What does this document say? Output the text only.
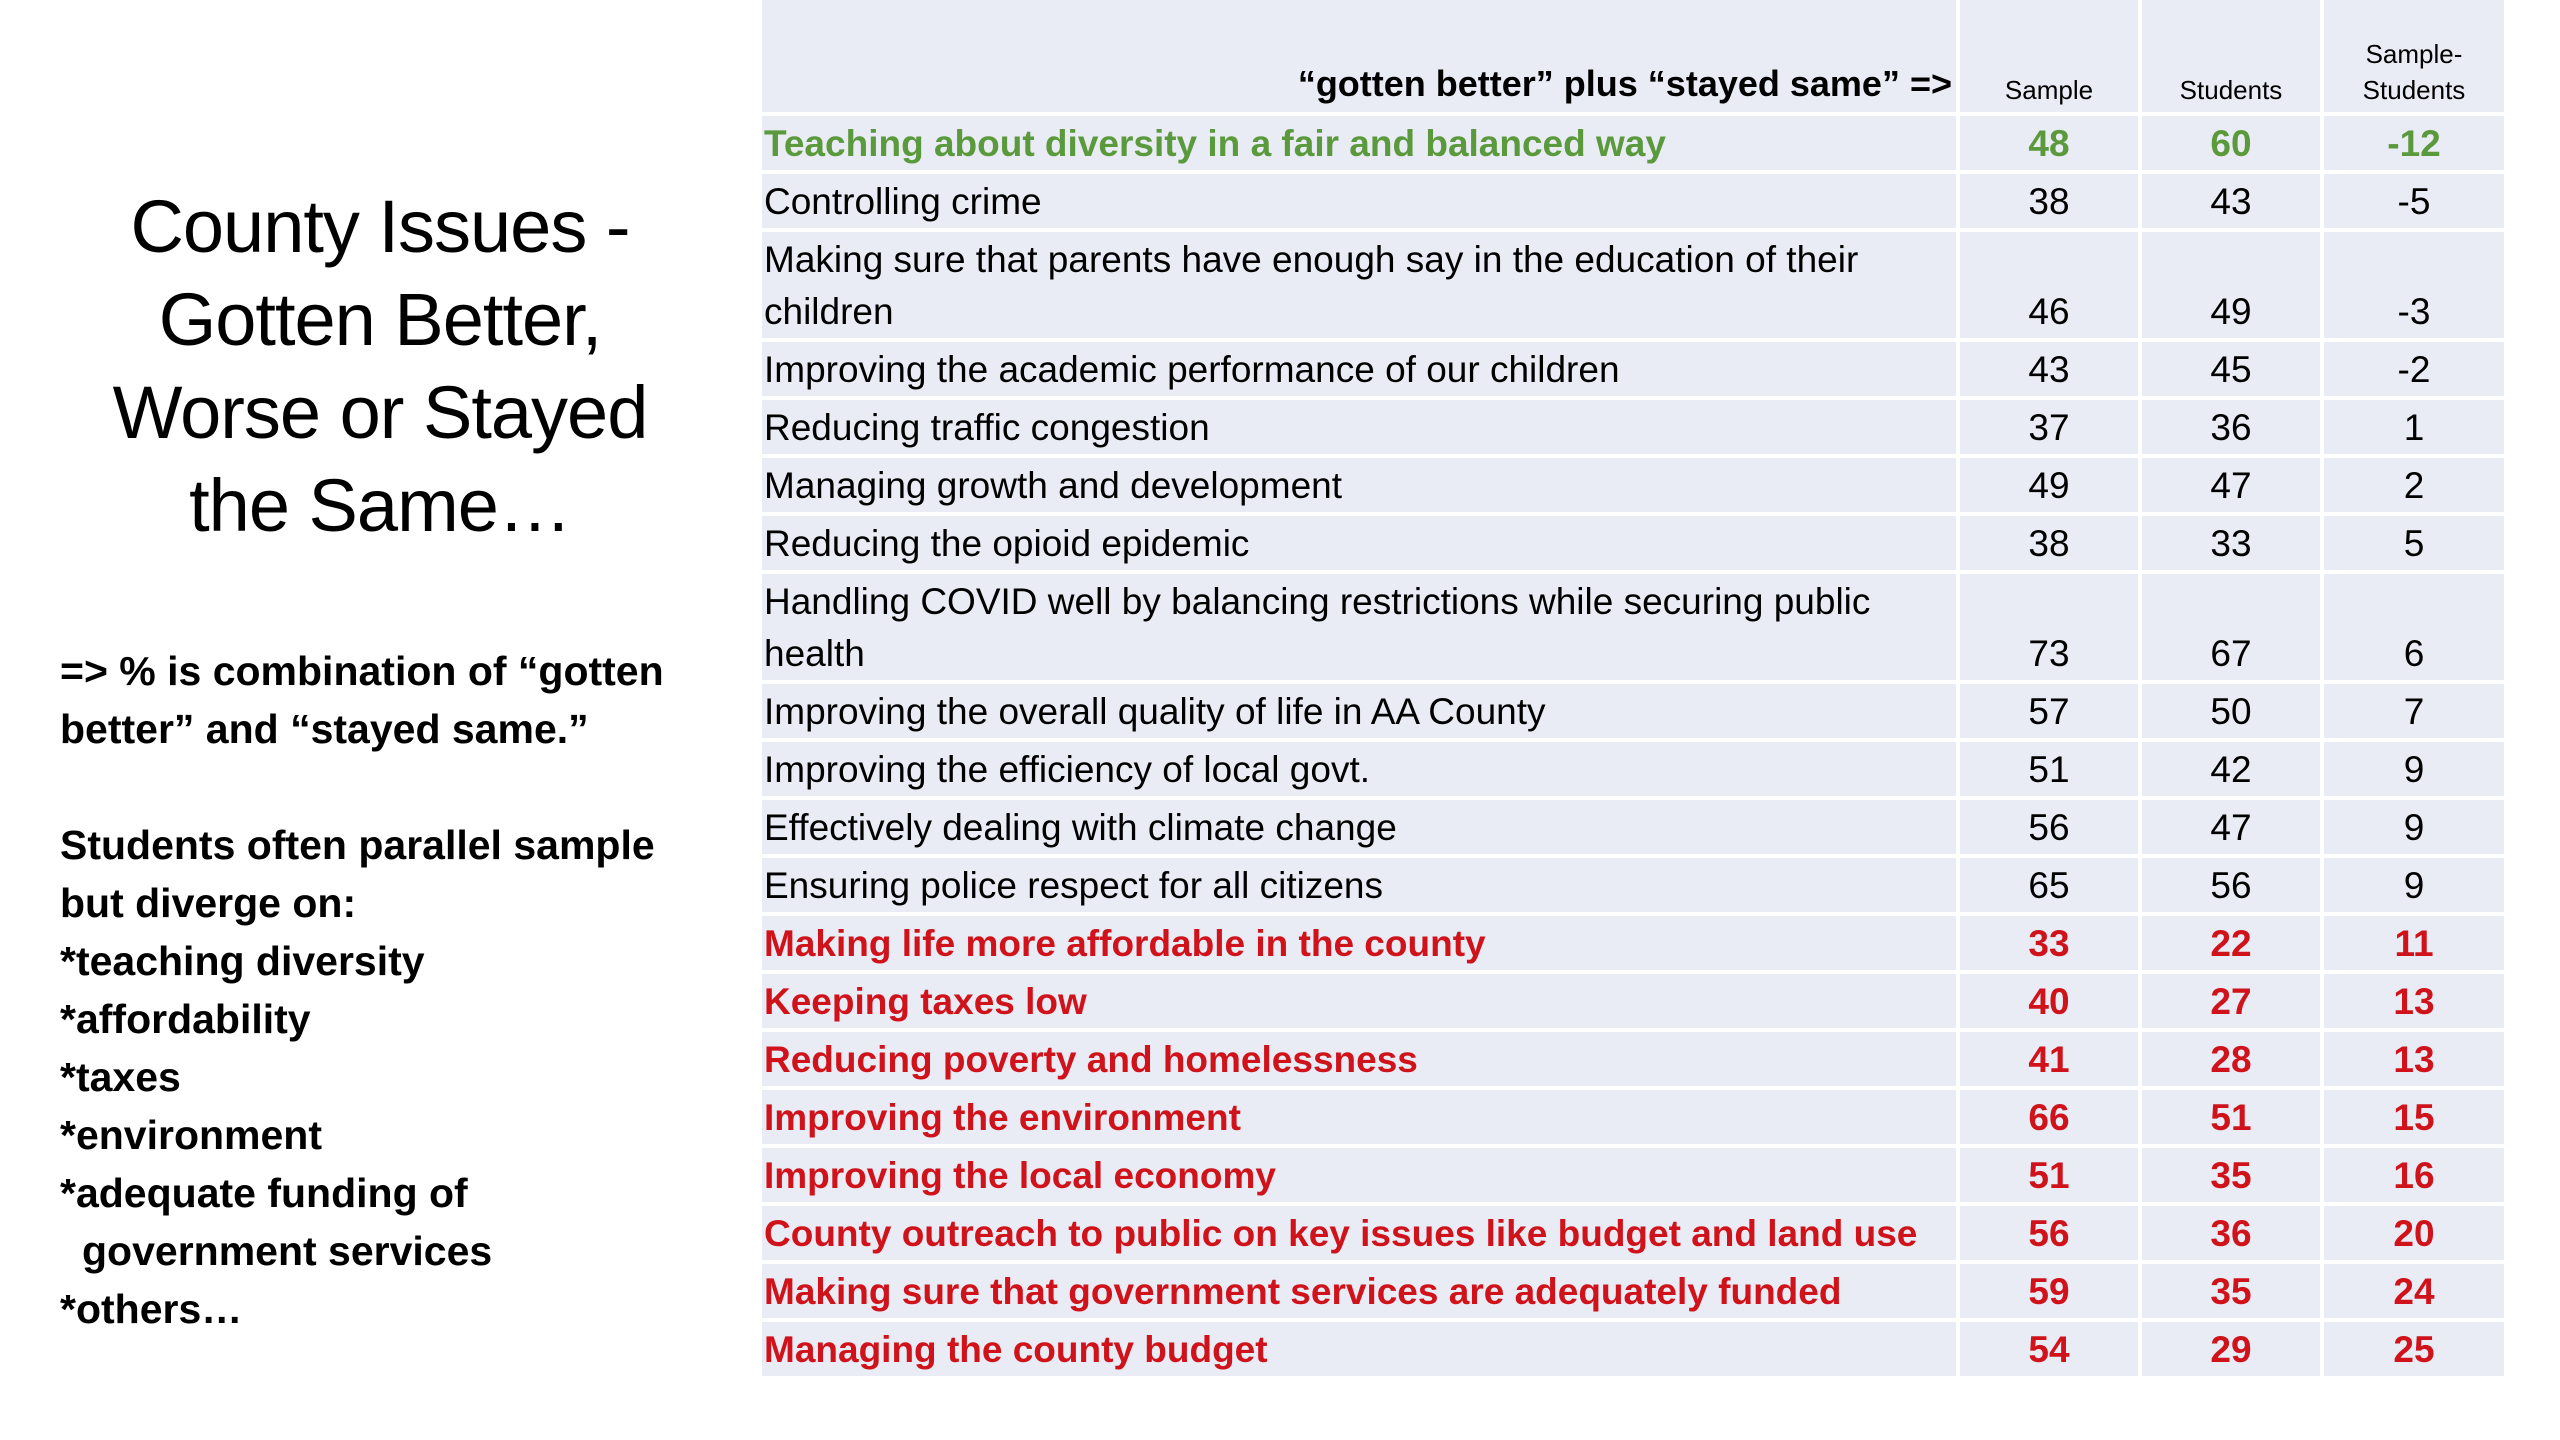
County Issues - Gotten Better, Worse or Stayed the Same…

=> % is combination of “gotten better” and “stayed same.”

Students often parallel sample but diverge on:

*teaching diversity
*affordability
*taxes
*environment
*adequate funding of
government services
*others…
“gotten better” plus “stayed same” =>	Sample	Students	Sample-Students
Teaching about diversity in a fair and balanced way	48	60	-12
Controlling crime	38	43	-5
Making sure that parents have enough say in the education of their children	46	49	-3
Improving the academic performance of our children	43	45	-2
Reducing traffic congestion	37	36	1
Managing growth and development	49	47	2
Reducing the opioid epidemic	38	33	5
Handling COVID well by balancing restrictions while securing public health	73	67	6
Improving the overall quality of life in AA County	57	50	7
Improving the efficiency of local govt.	51	42	9
Effectively dealing with climate change	56	47	9
Ensuring police respect for all citizens	65	56	9
Making life more affordable in the county	33	22	11
Keeping taxes low	40	27	13
Reducing poverty and homelessness	41	28	13
Improving the environment	66	51	15
Improving the local economy	51	35	16
County outreach to public on key issues like budget and land use	56	36	20
Making sure that government services are adequately funded	59	35	24
Managing the county budget	54	29	25
